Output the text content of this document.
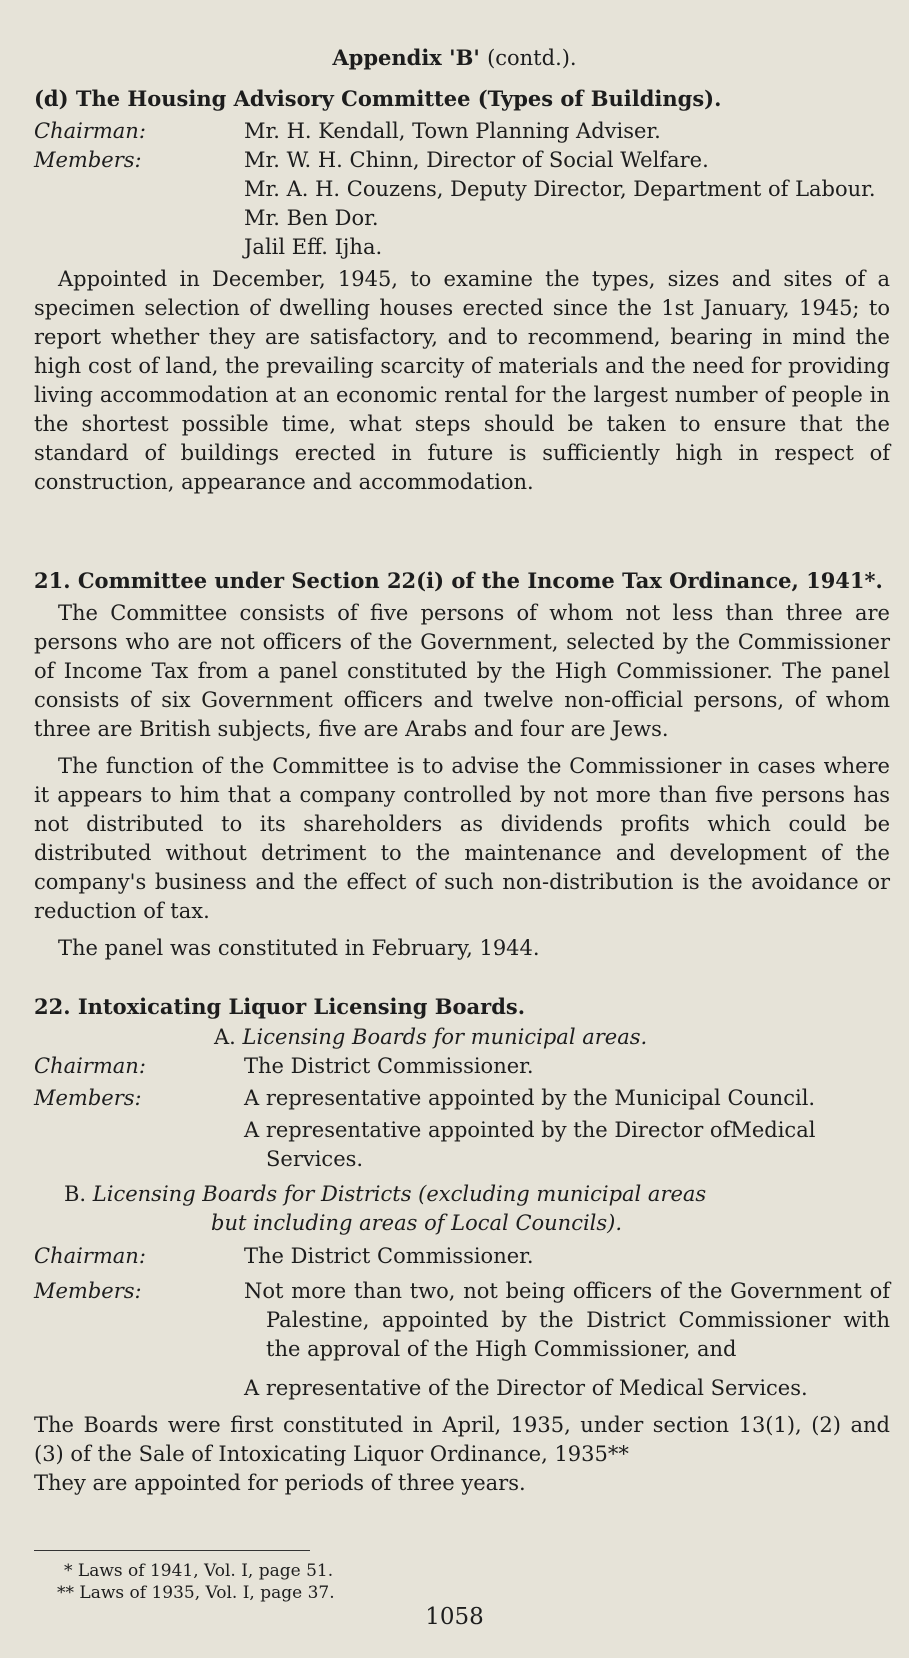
Appendix 'B' (contd.).
(d) The Housing Advisory Committee (Types of Buildings).
Chairman:	Mr. H. Kendall, Town Planning Adviser.
Members:	Mr. W. H. Chinn, Director of Social Welfare.
Mr. A. H. Couzens, Deputy Director, Department of Labour.
Mr. Ben Dor.
Jalil Eff. Ijha.

Appointed in December, 1945, to examine the types, sizes and sites of a specimen selection of dwelling houses erected since the 1st January, 1945; to report whether they are satisfactory, and to recommend, bearing in mind the high cost of land, the prevailing scarcity of materials and the need for providing living accommodation at an economic rental for the largest number of people in the shortest possible time, what steps should be taken to ensure that the standard of buildings erected in future is sufficiently high in respect of construction, appearance and accommodation.

21. Committee under Section 22(i) of the Income Tax Ordinance, 1941*.

The Committee consists of five persons of whom not less than three are persons who are not officers of the Government, selected by the Commissioner of Income Tax from a panel constituted by the High Commissioner. The panel consists of six Government officers and twelve non-official persons, of whom three are British subjects, five are Arabs and four are Jews.

The function of the Committee is to advise the Commissioner in cases where it appears to him that a company controlled by not more than five persons has not distributed to its shareholders as dividends profits which could be distributed without detriment to the maintenance and development of the company's business and the effect of such non-distribution is the avoidance or reduction of tax.

The panel was constituted in February, 1944.

22. Intoxicating Liquor Licensing Boards.
A. Licensing Boards for municipal areas.
Chairman:	The District Commissioner.
Members:	A representative appointed by the Municipal Council.
A representative appointed by the Director ofMedical Services.
B. Licensing Boards for Districts (excluding municipal areas
but including areas of Local Councils).
Chairman:	The District Commissioner.
Members:	Not more than two, not being officers of the Government of Palestine, appointed by the District Commissioner with the approval of the High Commissioner, and
A representative of the Director of Medical Services.

The Boards were first constituted in April, 1935, under section 13(1), (2) and (3) of the Sale of Intoxicating Liquor Ordinance, 1935**

They are appointed for periods of three years.

* Laws of 1941, Vol. I, page 51.
** Laws of 1935, Vol. I, page 37.
1058
